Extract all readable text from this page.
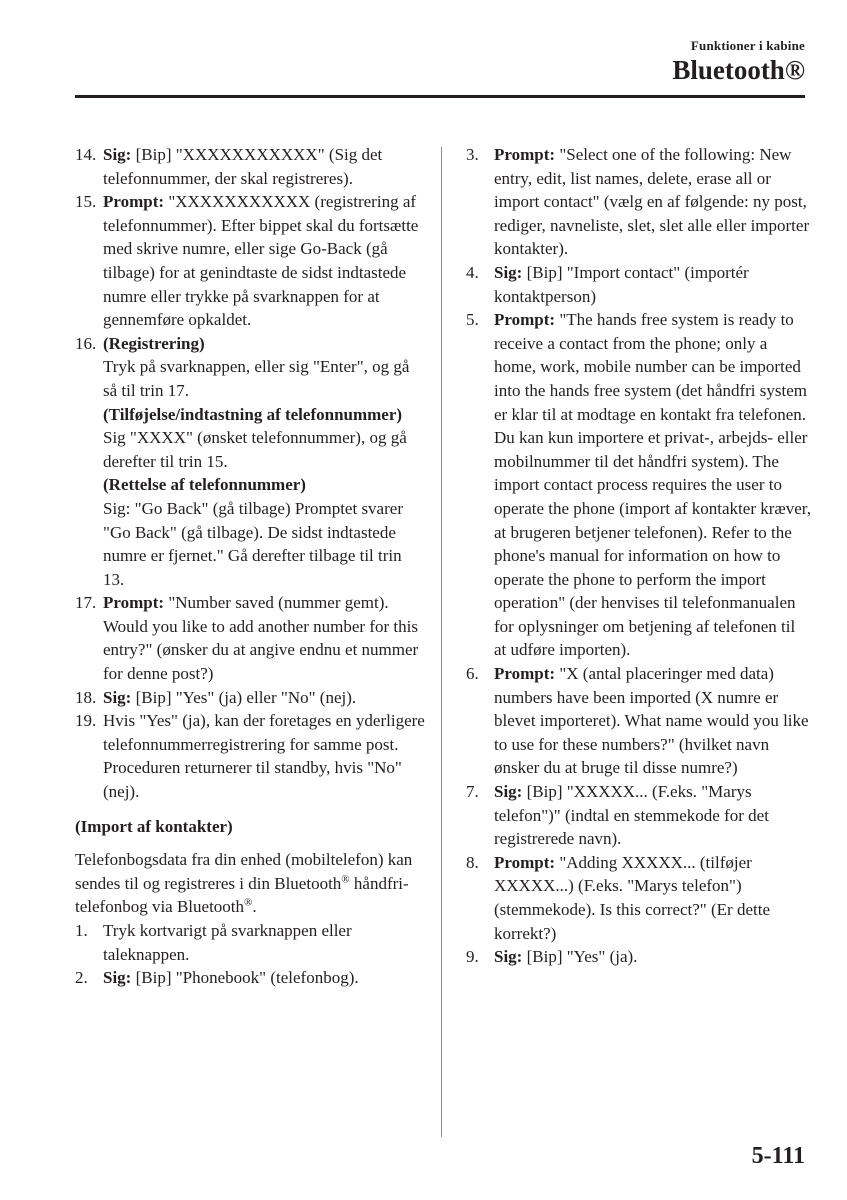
Funktioner i kabine
Bluetooth®
14. Sig: [Bip] "XXXXXXXXXXX" (Sig det telefonnummer, der skal registreres).
15. Prompt: "XXXXXXXXXXX (registrering af telefonnummer). Efter bippet skal du fortsætte med skrive numre, eller sige Go-Back (gå tilbage) for at genindtaste de sidst indtastede numre eller trykke på svarknappen for at gennemføre opkaldet.
16. (Registrering)
Tryk på svarknappen, eller sig "Enter", og gå så til trin 17.
(Tilføjelse/indtastning af telefonnummer)
Sig "XXXX" (ønsket telefonnummer), og gå derefter til trin 15.
(Rettelse af telefonnummer)
Sig: "Go Back" (gå tilbage) Promptet svarer "Go Back" (gå tilbage). De sidst indtastede numre er fjernet." Gå derefter tilbage til trin 13.
17. Prompt: "Number saved (nummer gemt). Would you like to add another number for this entry?" (ønsker du at angive endnu et nummer for denne post?)
18. Sig: [Bip] "Yes" (ja) eller "No" (nej).
19. Hvis "Yes" (ja), kan der foretages en yderligere telefonnummerregistrering for samme post.
Proceduren returnerer til standby, hvis "No" (nej).
(Import af kontakter)
Telefonbogsdata fra din enhed (mobiltelefon) kan sendes til og registreres i din Bluetooth® håndfri-telefonbog via Bluetooth®.
1. Tryk kortvarigt på svarknappen eller taleknappen.
2. Sig: [Bip] "Phonebook" (telefonbog).
3. Prompt: "Select one of the following: New entry, edit, list names, delete, erase all or import contact" (vælg en af følgende: ny post, rediger, navneliste, slet, slet alle eller importer kontakter).
4. Sig: [Bip] "Import contact" (importér kontaktperson)
5. Prompt: "The hands free system is ready to receive a contact from the phone; only a home, work, mobile number can be imported into the hands free system (det håndfri system er klar til at modtage en kontakt fra telefonen. Du kan kun importere et privat-, arbejds- eller mobilnummer til det håndfri system). The import contact process requires the user to operate the phone (import af kontakter kræver, at brugeren betjener telefonen). Refer to the phone's manual for information on how to operate the phone to perform the import operation" (der henvises til telefonmanualen for oplysninger om betjening af telefonen til at udføre importen).
6. Prompt: "X (antal placeringer med data) numbers have been imported (X numre er blevet importeret). What name would you like to use for these numbers?" (hvilket navn ønsker du at bruge til disse numre?)
7. Sig: [Bip] "XXXXX... (F.eks. "Marys telefon")" (indtal en stemmekode for det registrerede navn).
8. Prompt: "Adding XXXXX... (tilføjer XXXXX...) (F.eks. "Marys telefon") (stemmekode). Is this correct?" (Er dette korrekt?)
9. Sig: [Bip] "Yes" (ja).
5-111
